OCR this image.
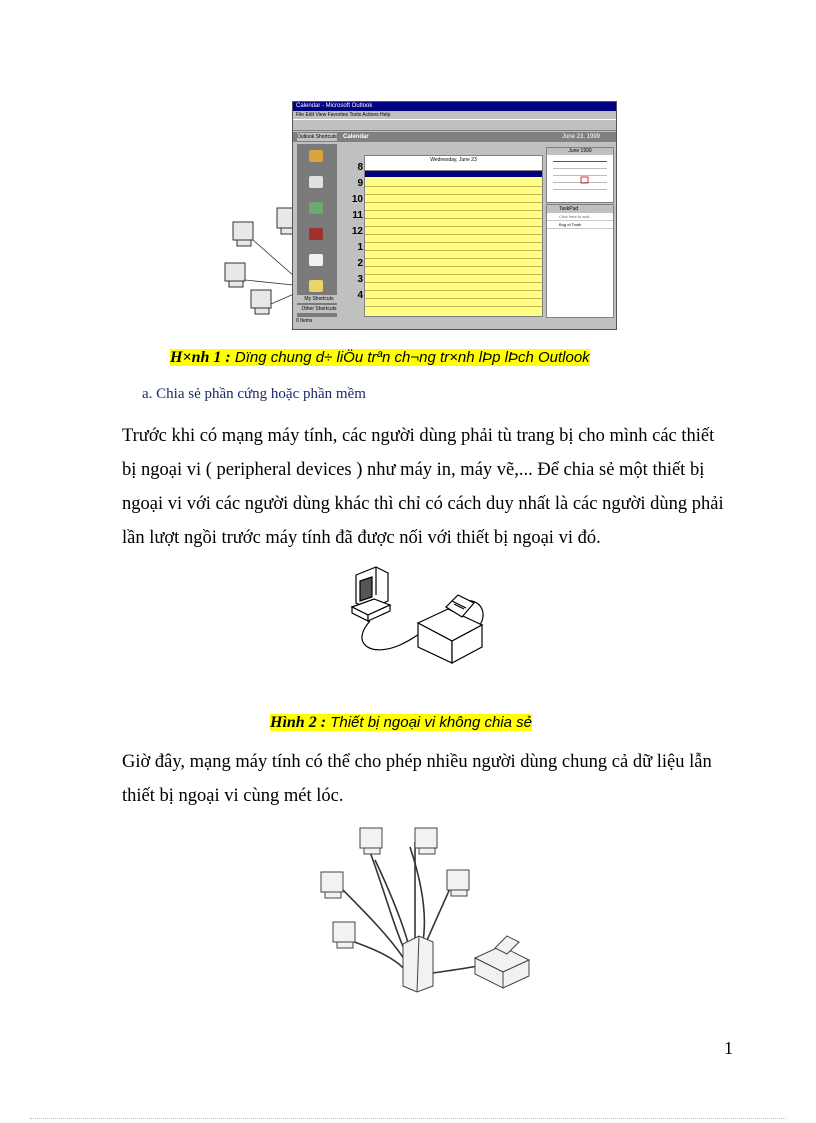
Calendar - Microsoft Outlook
File Edit View Favorites Tools Actions Help
Outlook Shortcuts Calendar	June 23, 1999
My Shortcuts
Other Shortcuts
0 Items
8
9
10
11
12
1
2
3
4
Wednesday, June 23
June 1999
TaskPad
Click here to add...
Bug of Tooth
H×nh 1 : Dïng chung d÷ liÖu trªn ch¬ng tr×nh lÞp lÞch Outlook
a. Chia sẻ phần cứng hoặc phần mềm
Trước khi có mạng máy tính, các người dùng phải tù trang bị cho mình các thiết bị ngoại vi ( peripheral devices ) như máy in, máy vẽ,... Để chia sẻ một thiết bị ngoại vi với các người dùng khác thì chỉ có cách duy nhất là các người dùng phải lần lượt ngồi trước máy tính đã được nối với thiết bị ngoại vi đó.
Hình 2 : Thiết bị ngoại vi không chia sẻ
Giờ đây, mạng máy tính có thể cho phép nhiều người dùng chung cả dữ liệu lẫn thiết bị ngoại vi cùng mét lóc.
1
